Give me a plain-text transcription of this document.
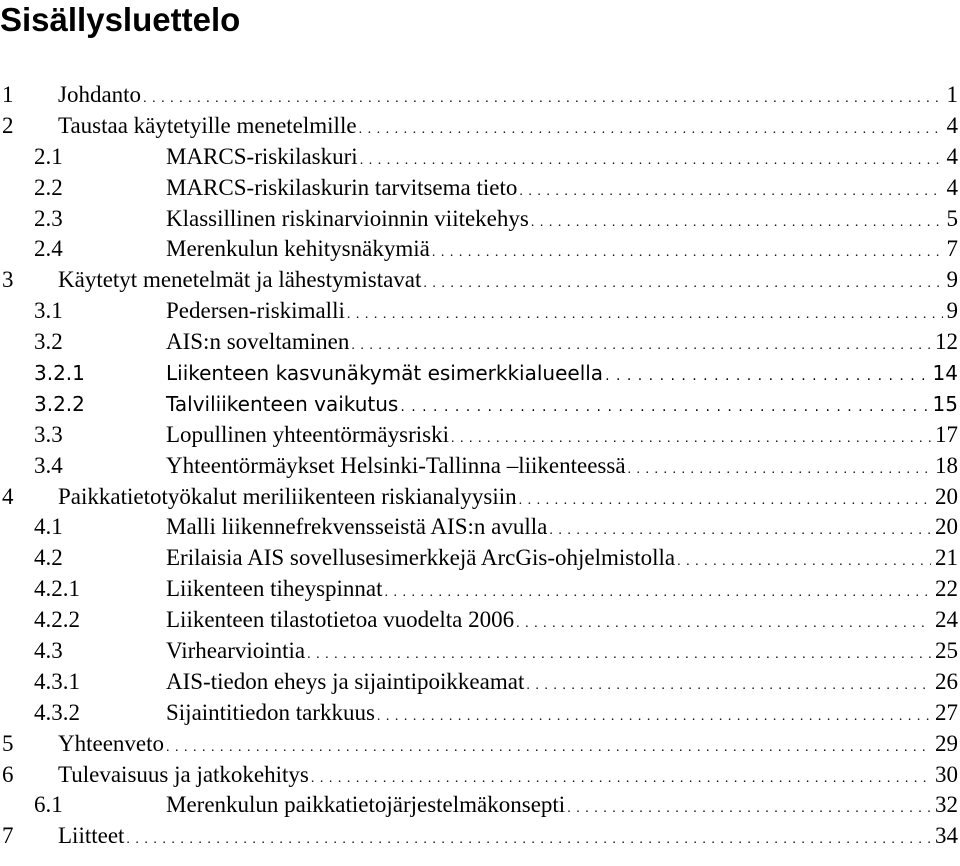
Sisällysluettelo
1 Johdanto . . .	1
2 Taustaa käytetyille menetelmille . . .	4
2.1	MARCS-riskilaskuri . . .	4
2.2	MARCS-riskilaskurin tarvitsema tieto . . .	4
2.3	Klassillinen riskinarvioinnin viitekehys . . .	5
2.4	Merenkulun kehitysnäkymiä . . .	7
3 Käytetyt menetelmät ja lähestymistavat . . .	9
3.1	Pedersen-riskimalli . . .	9
3.2	AIS:n soveltaminen . . .	12
3.2.1	Liikenteen kasvunäkymät esimerkkialueella . . .	14
3.2.2	Talviliikenteen vaikutus . . .	15
3.3	Lopullinen yhteentörmäysriski . . .	17
3.4	Yhteentörmäykset Helsinki-Tallinna –liikenteessä . . .	18
4 Paikkatietotyökalut meriliikenteen riskianalyysiin . . .	20
4.1	Malli liikennefrekvensseistä AIS:n avulla . . .	20
4.2	Erilaisia AIS sovellusesimerkkejä ArcGis-ohjelmistolla . . .	21
4.2.1	Liikenteen tiheyspinnat . . .	22
4.2.2	Liikenteen tilastotietoa vuodelta 2006 . . .	24
4.3	Virhearviointia . . .	25
4.3.1	AIS-tiedon eheys ja sijaintipoikkeamat . . .	26
4.3.2	Sijaintitiedon tarkkuus . . .	27
5 Yhteenveto . . .	29
6 Tulevaisuus ja jatkokehitys . . .	30
6.1	Merenkulun paikkatietojärjestelmäkonsepti . . .	32
7 Liitteet . . .	34
